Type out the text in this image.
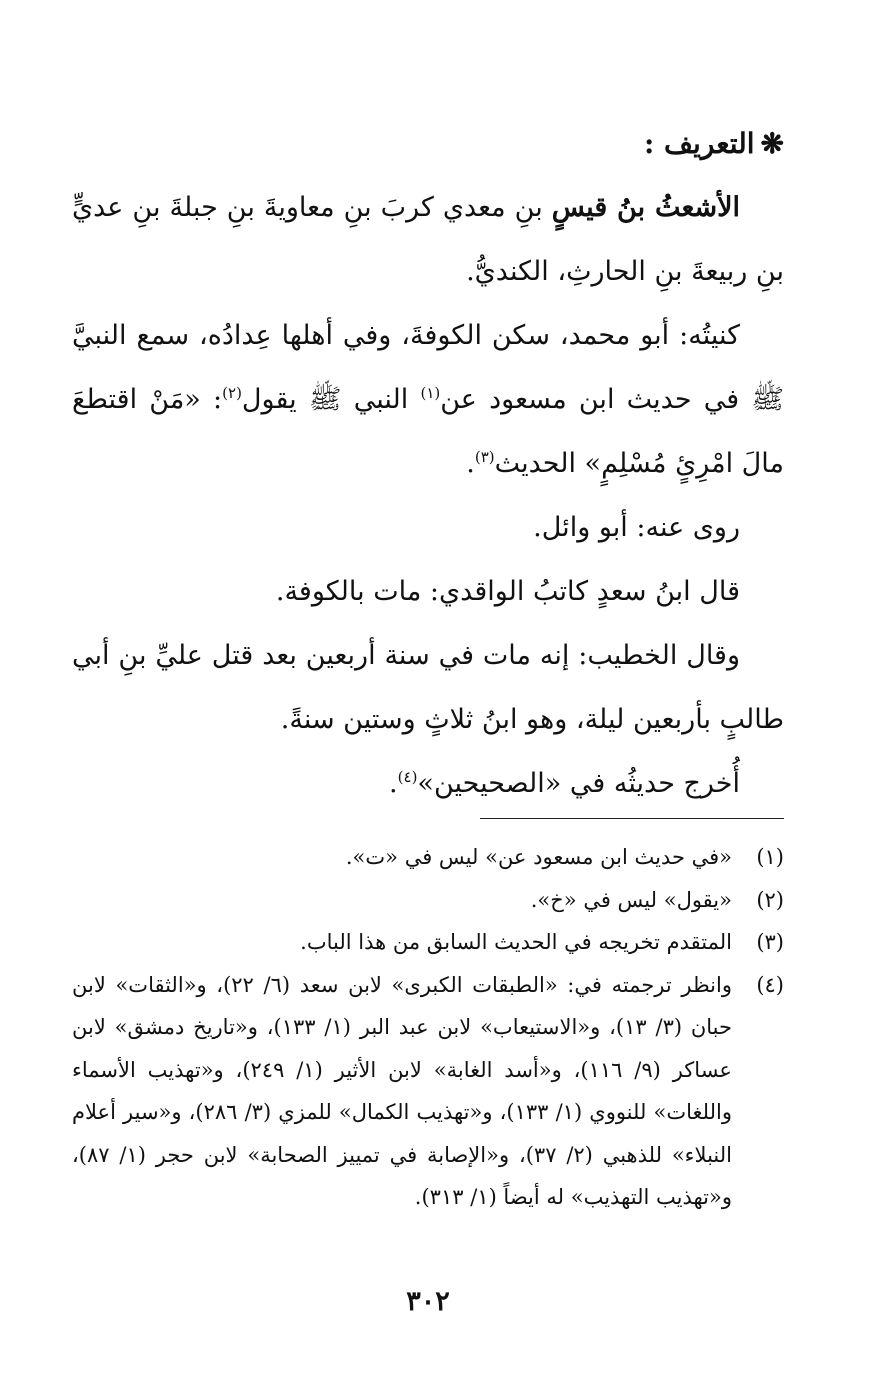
❋التعريف :

الأشعثُ بنُ قيسٍ بنِ معدي كربَ بنِ معاويةَ بنِ جبلةَ بنِ عديٍّ بنِ ربيعةَ بنِ الحارثِ، الكنديُّ.

كنيتُه: أبو محمد، سكن الكوفةَ، وفي أهلها عِدادُه، سمع النبيَّ ﷺ في حديث ابن مسعود عن$^{(١)}$ النبي ﷺ يقول$^{(٢)}$: «مَنْ اقتطعَ مالَ امْرِئٍ مُسْلِمٍ» الحديث$^{(٣)}$.

روى عنه: أبو وائل.

قال ابنُ سعدٍ كاتبُ الواقدي: مات بالكوفة.

وقال الخطيب: إنه مات في سنة أربعين بعد قتل عليِّ بنِ أبي طالبٍ بأربعين ليلة، وهو ابنُ ثلاثٍ وستين سنةً.

أُخرج حديثُه في «الصحيحين»$^{(٤)}$.

(١)
«في حديث ابن مسعود عن» ليس في «ت».
(٢)
«يقول» ليس في «خ».
(٣)
المتقدم تخريجه في الحديث السابق من هذا الباب.
(٤)
وانظر ترجمته في: «الطبقات الكبرى» لابن سعد (٦/ ٢٢)، و«الثقات» لابن حبان (٣/ ١٣)، و«الاستيعاب» لابن عبد البر (١/ ١٣٣)، و«تاريخ دمشق» لابن عساكر (٩/ ١١٦)، و«أسد الغابة» لابن الأثير (١/ ٢٤٩)، و«تهذيب الأسماء واللغات» للنووي (١/ ١٣٣)، و«تهذيب الكمال» للمزي (٣/ ٢٨٦)، و«سير أعلام النبلاء» للذهبي (٢/ ٣٧)، و«الإصابة في تمييز الصحابة» لابن حجر (١/ ٨٧)، و«تهذيب التهذيب» له أيضاً (١/ ٣١٣).
٣٠٢
